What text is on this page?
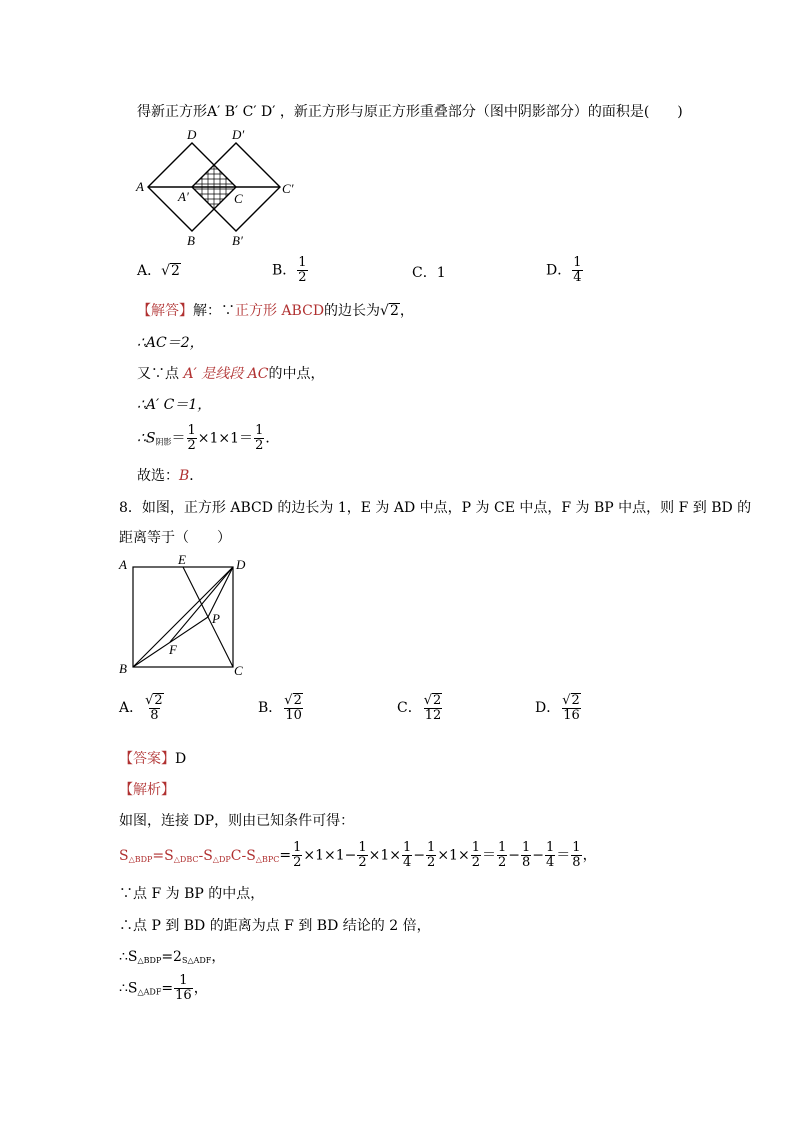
得新正方形A′ B′ C′ D′ ，新正方形与原正方形重叠部分（图中阴影部分）的面积是(　　)
D	D′
A
A′	C
C′
B	B′
A．√2	B． $\frac{1}{2}$	C．1	D． $\frac{1}{4}$
【解答】解：∵正方形 ABCD的边长为√2，
∴AC＝2，
又∵点 A′ 是线段 AC的中点，
∴A′ C＝1，
$\therefore S_{阴影}= \frac{1}{2} \times 1\times 1= \frac{1}{2}$ ．
故选：B．
8．如图，正方形 ABCD 的边长为 1，E 为 AD 中点，P 为 CE 中点，F 为 BP 中点，则 F 到 BD 的
距离等于（　　）
A	E	D
P
F
B	C
A． $\frac{√2}{8}$	B． $\frac{√2}{10}$	C． $\frac{√2}{12}$	D． $\frac{√2}{16}$
【答案】D
【解析】
如图，连接 DP，则由已知条件可得：
$S_{\triangle BDP}=S_{\triangle DBC}-S_{\triangle DP}C-S_{\triangle BPC}= \frac{1}{2} \times 1\times 1- \frac{1}{2} \times 1\times \frac{1}{4} - \frac{1}{2} \times 1\times \frac{1}{2} = \frac{1}{2} - \frac{1}{8} - \frac{1}{4} = \frac{1}{8}$ ，
∵点 F 为 BP 的中点，
∴点 P 到 BD 的距离为点 F 到 BD 结论的 2 倍，
$\therefore S_{\triangle BDP}=2_{S\triangle ADF}$，
$\therefore S_{\triangle ADF}= \frac{1}{16}$ ，
